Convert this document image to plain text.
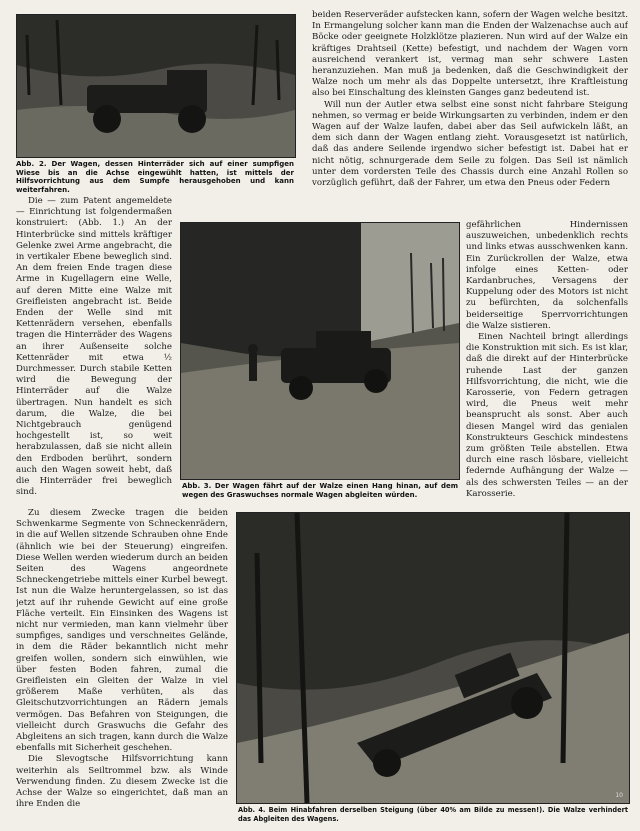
Abb. 2. Der Wagen, dessen Hinterräder sich auf einer sumpfigen Wiese bis an die Achse eingewühlt hatten, ist mittels der Hilfsvorrichtung aus dem Sumpfe herausgehoben und kann weiterfahren.

beiden Reserveräder aufstecken kann, sofern der Wagen welche besitzt. In Ermangelung solcher kann man die Enden der Walzenachse auch auf Böcke oder geeignete Holzklötze plazieren. Nun wird auf der Walze ein kräftiges Drahtseil (Kette) befestigt, und nachdem der Wagen vorn ausreichend verankert ist, vermag man sehr schwere Lasten heranzuziehen. Man muß ja bedenken, daß die Geschwindigkeit der Walze noch um mehr als das Doppelte untersetzt, ihre Kraftleistung also bei Einschaltung des kleinsten Ganges ganz bedeutend ist.

Will nun der Autler etwa selbst eine sonst nicht fahrbare Steigung nehmen, so vermag er beide Wirkungsarten zu verbinden, indem er den Wagen auf der Walze laufen, dabei aber das Seil aufwickeln läßt, an dem sich dann der Wagen entlang zieht. Vorausgesetzt ist natürlich, daß das andere Seilende irgendwo sicher befestigt ist. Dabei hat er nicht nötig, schnurgerade dem Seile zu folgen. Das Seil ist nämlich unter dem vordersten Teile des Chassis durch eine Anzahl Rollen so vorzüglich geführt, daß der Fahrer, um etwa den Pneus oder Federn

Die — zum Patent angemeldete — Einrichtung ist folgendermaßen konstruiert: (Abb. 1.) An der Hinterbrücke sind mittels kräftiger Gelenke zwei Arme angebracht, die in vertikaler Ebene beweglich sind. An dem freien Ende tragen diese Arme in Kugellagern eine Welle, auf deren Mitte eine Walze mit Greifleisten angebracht ist. Beide Enden der Welle sind mit Kettenrädern versehen, ebenfalls tragen die Hinterräder des Wagens an ihrer Außenseite solche Kettenräder mit etwa ½ Durchmesser. Durch stabile Ketten wird die Bewegung der Hinterräder auf die Walze übertragen. Nun handelt es sich darum, die Walze, die bei Nichtgebrauch genügend hochgestellt ist, so weit herabzulassen, daß sie nicht allein den Erdboden berührt, sondern auch den Wagen soweit hebt, daß die Hinterräder frei beweglich sind.

Abb. 3. Der Wagen fährt auf der Walze einen Hang hinan, auf dem wegen des Graswuchses normale Wagen abgleiten würden.

gefährlichen Hindernissen auszuweichen, unbedenklich rechts und links etwas ausschwenken kann. Ein Zurückrollen der Walze, etwa infolge eines Ketten- oder Kardanbruches, Versagens der Kuppelung oder des Motors ist nicht zu befürchten, da solchenfalls beiderseitige Sperrvorrichtungen die Walze sistieren.

Einen Nachteil bringt allerdings die Konstruktion mit sich. Es ist klar, daß die direkt auf der Hinterbrücke ruhende Last der ganzen Hilfsvorrichtung, die nicht, wie die Karosserie, von Federn getragen wird, die Pneus weit mehr beansprucht als sonst. Aber auch diesen Mangel wird das genialen Konstrukteurs Geschick mindestens zum größten Teile abstellen. Etwa durch eine rasch lösbare, vielleicht federnde Aufhängung der Walze — als des schwersten Teiles — an der Karosserie.

Zu diesem Zwecke tragen die beiden Schwenkarme Segmente von Schneckenrädern, in die auf Wellen sitzende Schrauben ohne Ende (ähnlich wie bei der Steuerung) eingreifen. Diese Wellen werden wiederum durch an beiden Seiten des Wagens angeordnete Schneckengetriebe mittels einer Kurbel bewegt. Ist nun die Walze heruntergelassen, so ist das jetzt auf ihr ruhende Gewicht auf eine große Fläche verteilt. Ein Einsinken des Wagens ist nicht nur vermieden, man kann vielmehr über sumpfiges, sandiges und verschneites Gelände, in dem die Räder bekanntlich nicht mehr greifen wollen, sondern sich einwühlen, wie über festen Boden fahren, zumal die Greifleisten ein Gleiten der Walze in viel größerem Maße verhüten, als das Gleitschutzvorrichtungen an Rädern jemals vermögen. Das Befahren von Steigungen, die vielleicht durch Graswuchs die Gefahr des Abgleitens an sich tragen, kann durch die Walze ebenfalls mit Sicherheit geschehen.

Die Slevogtsche Hilfsvorrichtung kann weiterhin als Seiltrommel bzw. als Winde Verwendung finden. Zu diesem Zwecke ist die Achse der Walze so eingerichtet, daß man an ihre Enden die

10
Abb. 4. Beim Hinabfahren derselben Steigung (über 40% am Bilde zu messen!). Die Walze verhindert das Abgleiten des Wagens.
